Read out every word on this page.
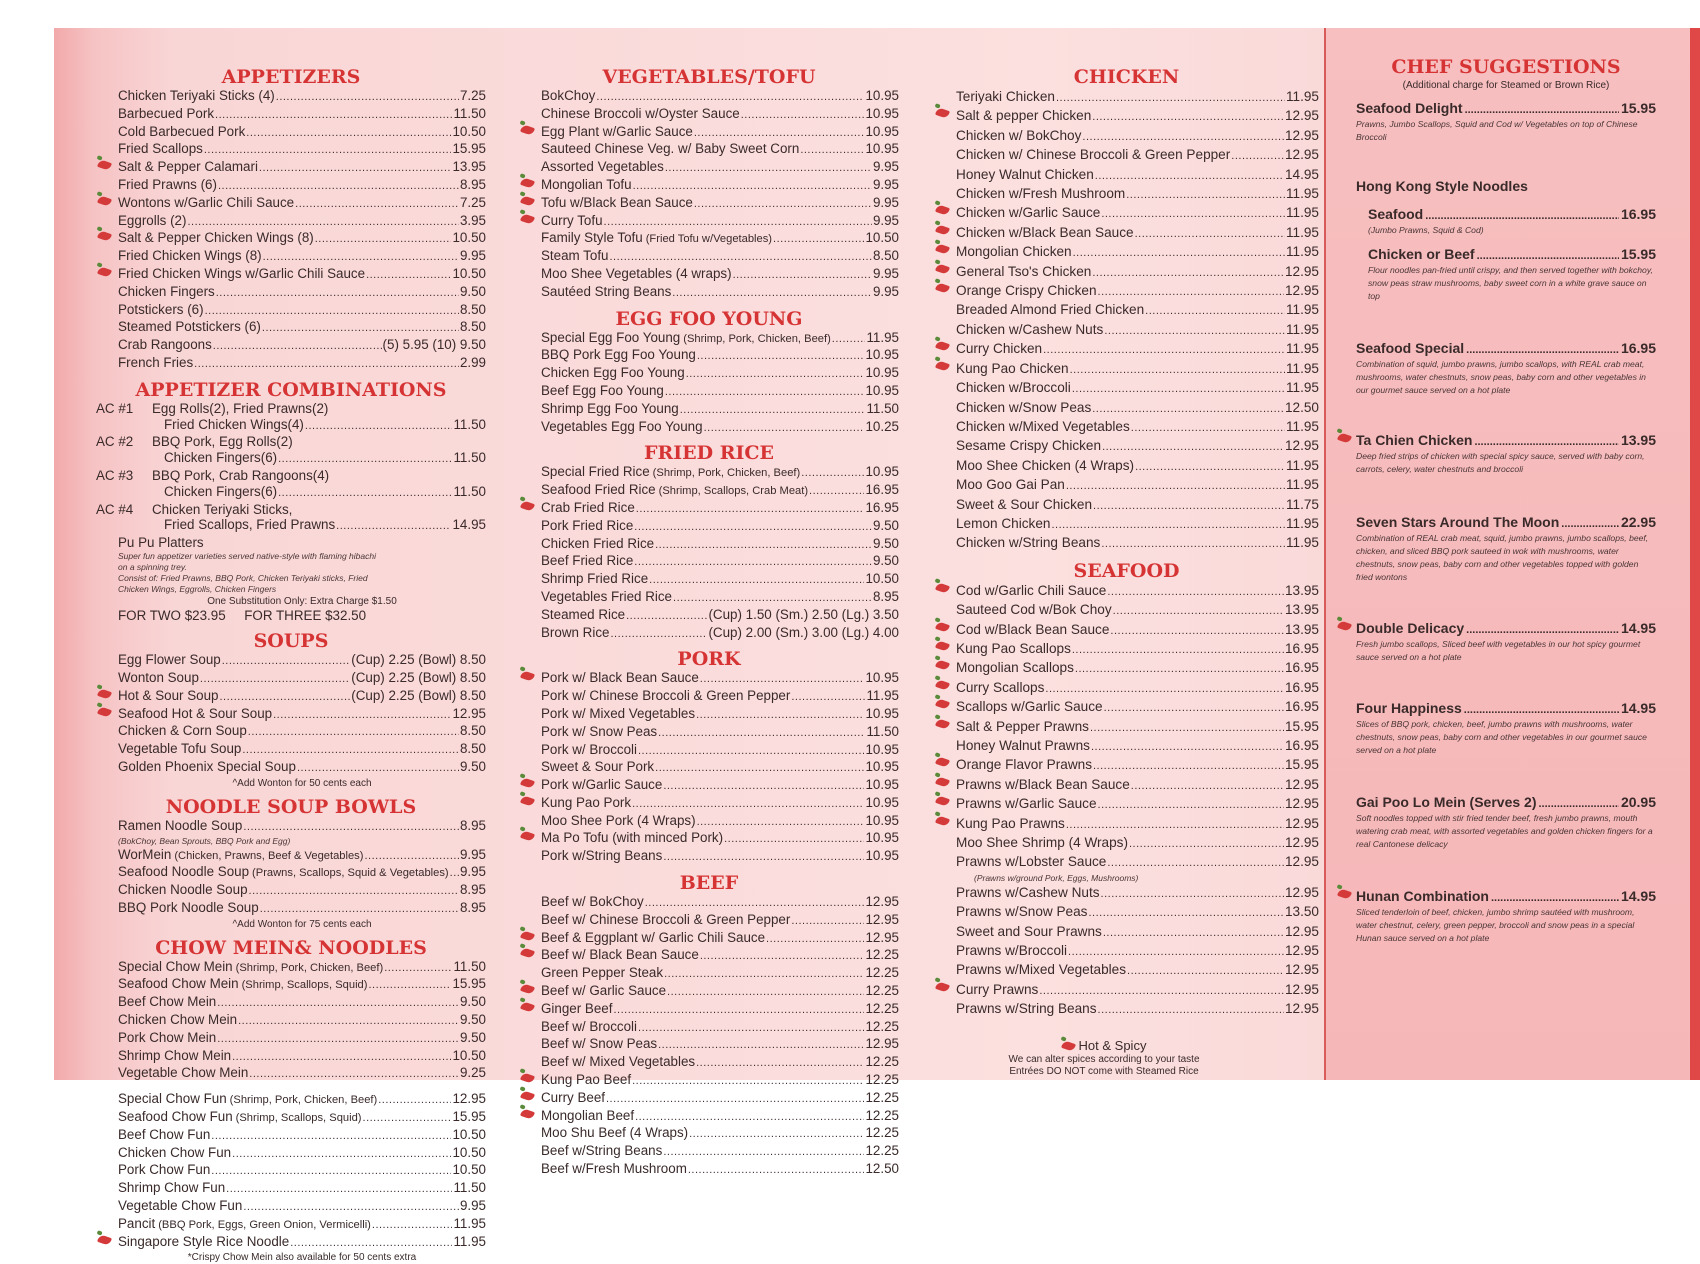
APPETIZERS
Chicken Teriyaki Sticks (4) .....	7.25
Barbecued Pork .....	11.50
Cold Barbecued Pork .....	10.50
Fried Scallops .....	15.95
Salt & Pepper Calamari .....	13.95
Fried Prawns (6) .....	8.95
Wontons w/Garlic Chili Sauce .....	7.25
Eggrolls (2) .....	3.95
Salt & Pepper Chicken Wings (8) .....	10.50
Fried Chicken Wings (8) .....	9.95
Fried Chicken Wings w/Garlic Chili Sauce .....	10.50
Chicken Fingers .....	9.50
Potstickers (6) .....	8.50
Steamed Potstickers (6) .....	8.50
Crab Rangoons .....	(5) 5.95 (10) 9.50
French Fries .....	2.99
APPETIZER COMBINATIONS
AC #1	Egg Rolls(2), Fried Prawns(2)
Fried Chicken Wings(4) .....	11.50
AC #2	BBQ Pork, Egg Rolls(2)
Chicken Fingers(6) .....	11.50
AC #3	BBQ Pork, Crab Rangoons(4)
Chicken Fingers(6) .....	11.50
AC #4	Chicken Teriyaki Sticks,
Fried Scallops, Fried Prawns .....	14.95
Pu Pu Platters
Super fun appetizer varieties served native-style with flaming hibachi
on a spinning trey.
Consist of: Fried Prawns, BBQ Pork, Chicken Teriyaki sticks, Fried
Chicken Wings, Eggrolls, Chicken Fingers
One Substitution Only: Extra Charge $1.50
FOR TWO $23.95     FOR THREE $32.50
SOUPS
Egg Flower Soup .....	(Cup) 2.25 (Bowl) 8.50
Wonton Soup .....	(Cup) 2.25 (Bowl) 8.50
Hot & Sour Soup .....	(Cup) 2.25 (Bowl) 8.50
Seafood Hot & Sour Soup .....	12.95
Chicken & Corn Soup .....	8.50
Vegetable Tofu Soup .....	8.50
Golden Phoenix Special Soup .....	9.50
^Add Wonton for 50 cents each
NOODLE SOUP BOWLS
Ramen Noodle Soup .....	8.95
(BokChoy, Bean Sprouts, BBQ Pork and Egg)
WorMein (Chicken, Prawns, Beef & Vegetables) .....	9.95
Seafood Noodle Soup (Prawns, Scallops, Squid & Vegetables) ..... 9.95
Chicken Noodle Soup .....	8.95
BBQ Pork Noodle Soup .....	8.95
^Add Wonton for 75 cents each
CHOW MEIN& NOODLES
Special Chow Mein (Shrimp, Pork, Chicken, Beef) .....	11.50
Seafood Chow Mein (Shrimp, Scallops, Squid) .....	15.95
Beef Chow Mein .....	9.50
Chicken Chow Mein .....	9.50
Pork Chow Mein .....	9.50
Shrimp Chow Mein .....	10.50
Vegetable Chow Mein .....	9.25
Special Chow Fun (Shrimp, Pork, Chicken, Beef) .....	12.95
Seafood Chow Fun (Shrimp, Scallops, Squid) .....	15.95
Beef Chow Fun .....	10.50
Chicken Chow Fun .....	10.50
Pork Chow Fun .....	10.50
Shrimp Chow Fun .....	11.50
Vegetable Chow Fun .....	9.95
Pancit (BBQ Pork, Eggs, Green Onion, Vermicelli) .....	11.95
Singapore Style Rice Noodle .....	11.95
*Crispy Chow Mein also available for 50 cents extra
VEGETABLES/TOFU
BokChoy .....	10.95
Chinese Broccoli w/Oyster Sauce .....	10.95
Egg Plant w/Garlic Sauce .....	10.95
Sauteed Chinese Veg. w/ Baby Sweet Corn .....	10.95
Assorted Vegetables .....	9.95
Mongolian Tofu .....	9.95
Tofu w/Black Bean Sauce .....	9.95
Curry Tofu .....	9.95
Family Style Tofu (Fried Tofu w/Vegetables) .....	10.50
Steam Tofu .....	8.50
Moo Shee Vegetables (4 wraps) .....	9.95
Sautéed String Beans .....	9.95
EGG FOO YOUNG
Special Egg Foo Young (Shrimp, Pork, Chicken, Beef) .....	11.95
BBQ Pork Egg Foo Young .....	10.95
Chicken Egg Foo Young .....	10.95
Beef Egg Foo Young .....	10.95
Shrimp Egg Foo Young .....	11.50
Vegetables Egg Foo Young .....	10.25
FRIED RICE
Special Fried Rice (Shrimp, Pork, Chicken, Beef) .....	10.95
Seafood Fried Rice (Shrimp, Scallops, Crab Meat) .....	16.95
Crab Fried Rice .....	16.95
Pork Fried Rice .....	9.50
Chicken Fried Rice .....	9.50
Beef Fried Rice .....	9.50
Shrimp Fried Rice .....	10.50
Vegetables Fried Rice .....	8.95
Steamed Rice .....	(Cup) 1.50 (Sm.) 2.50 (Lg.) 3.50
Brown Rice .....	(Cup) 2.00 (Sm.) 3.00 (Lg.) 4.00
PORK
Pork w/ Black Bean Sauce .....	10.95
Pork w/ Chinese Broccoli & Green Pepper .....	11.95
Pork w/ Mixed Vegetables .....	10.95
Pork w/ Snow Peas .....	11.50
Pork w/ Broccoli .....	10.95
Sweet & Sour Pork .....	10.95
Pork w/Garlic Sauce .....	10.95
Kung Pao Pork .....	10.95
Moo Shee Pork (4 Wraps) .....	10.95
Ma Po Tofu (with minced Pork) .....	10.95
Pork w/String Beans .....	10.95
BEEF
Beef w/ BokChoy .....	12.95
Beef w/ Chinese Broccoli & Green Pepper .....	12.95
Beef & Eggplant w/ Garlic Chili Sauce .....	12.95
Beef w/ Black Bean Sauce .....	12.25
Green Pepper Steak .....	12.25
Beef w/ Garlic Sauce .....	12.25
Ginger Beef .....	12.25
Beef w/ Broccoli .....	12.25
Beef w/ Snow Peas .....	12.95
Beef w/ Mixed Vegetables .....	12.25
Kung Pao Beef .....	12.25
Curry Beef .....	12.25
Mongolian Beef .....	12.25
Moo Shu Beef (4 Wraps) .....	12.25
Beef w/String Beans .....	12.25
Beef w/Fresh Mushroom .....	12.50
CHICKEN
Teriyaki Chicken .....	11.95
Salt & pepper Chicken .....	12.95
Chicken w/ BokChoy .....	12.95
Chicken w/ Chinese Broccoli & Green Pepper .....	12.95
Honey Walnut Chicken .....	14.95
Chicken w/Fresh Mushroom .....	11.95
Chicken w/Garlic Sauce .....	11.95
Chicken w/Black Bean Sauce .....	11.95
Mongolian Chicken .....	11.95
General Tso's Chicken .....	12.95
Orange Crispy Chicken .....	12.95
Breaded Almond Fried Chicken .....	11.95
Chicken w/Cashew Nuts .....	11.95
Curry Chicken .....	11.95
Kung Pao Chicken .....	11.95
Chicken w/Broccoli .....	11.95
Chicken w/Snow Peas .....	12.50
Chicken w/Mixed Vegetables .....	11.95
Sesame Crispy Chicken .....	12.95
Moo Shee Chicken (4 Wraps) .....	11.95
Moo Goo Gai Pan .....	11.95
Sweet & Sour Chicken .....	11.75
Lemon Chicken .....	11.95
Chicken w/String Beans .....	11.95
SEAFOOD
Cod w/Garlic Chili Sauce .....	13.95
Sauteed Cod w/Bok Choy .....	13.95
Cod w/Black Bean Sauce .....	13.95
Kung Pao Scallops .....	16.95
Mongolian Scallops .....	16.95
Curry Scallops .....	16.95
Scallops w/Garlic Sauce .....	16.95
Salt & Pepper Prawns .....	15.95
Honey Walnut Prawns .....	16.95
Orange Flavor Prawns .....	15.95
Prawns w/Black Bean Sauce .....	12.95
Prawns w/Garlic Sauce .....	12.95
Kung Pao Prawns .....	12.95
Moo Shee Shrimp (4 Wraps) .....	12.95
Prawns w/Lobster Sauce .....	12.95
(Prawns w/ground Pork, Eggs, Mushrooms)
Prawns w/Cashew Nuts .....	12.95
Prawns w/Snow Peas .....	13.50
Sweet and Sour Prawns .....	12.95
Prawns w/Broccoli .....	12.95
Prawns w/Mixed Vegetables .....	12.95
Curry Prawns .....	12.95
Prawns w/String Beans .....	12.95
CHEF SUGGESTIONS
(Additional charge for Steamed or Brown Rice)
Seafood Delight .....	15.95
Prawns, Jumbo Scallops, Squid and Cod w/ Vegetables on top of Chinese Broccoli
Hong Kong Style Noodles
Seafood .....	16.95
(Jumbo Prawns, Squid & Cod)
Chicken or Beef .....	15.95
Flour noodles pan-fried until crispy, and then served together with bokchoy, snow peas straw mushrooms, baby sweet corn in a white grave sauce on top
Seafood Special .....	16.95
Combination of squid, jumbo prawns, jumbo scallops, with REAL crab meat, mushrooms, water chestnuts, snow peas, baby corn and other vegetables in our gourmet sauce served on a hot plate
Ta Chien Chicken .....	13.95
Deep fried strips of chicken with special spicy sauce, served with baby corn, carrots, celery, water chestnuts and broccoli
Seven Stars Around The Moon .....	22.95
Combination of REAL crab meat, squid, jumbo prawns, jumbo scallops, beef, chicken, and sliced BBQ pork sauteed in wok with mushrooms, water chestnuts, snow peas, baby corn and other vegetables topped with golden fried wontons
Double Delicacy .....	14.95
Fresh jumbo scallops, Sliced beef with vegetables in our hot spicy gourmet sauce served on a hot plate
Four Happiness .....	14.95
Slices of BBQ pork, chicken, beef, jumbo prawns with mushrooms, water chestnuts, snow peas, baby corn and other vegetables in our gourmet sauce served on a hot plate
Gai Poo Lo Mein (Serves 2) .....	20.95
Soft noodles topped with stir fried tender beef, fresh jumbo prawns, mouth watering crab meat, with assorted vegetables and golden chicken fingers for a real Cantonese delicacy
Hunan Combination .....	14.95
Sliced tenderloin of beef, chicken, jumbo shrimp sautéed with mushroom, water chestnut, celery, green pepper, broccoli and snow peas in a special Hunan sauce served on a hot plate
Hot & Spicy
We can alter spices according to your taste
Entrées DO NOT come with Steamed Rice
